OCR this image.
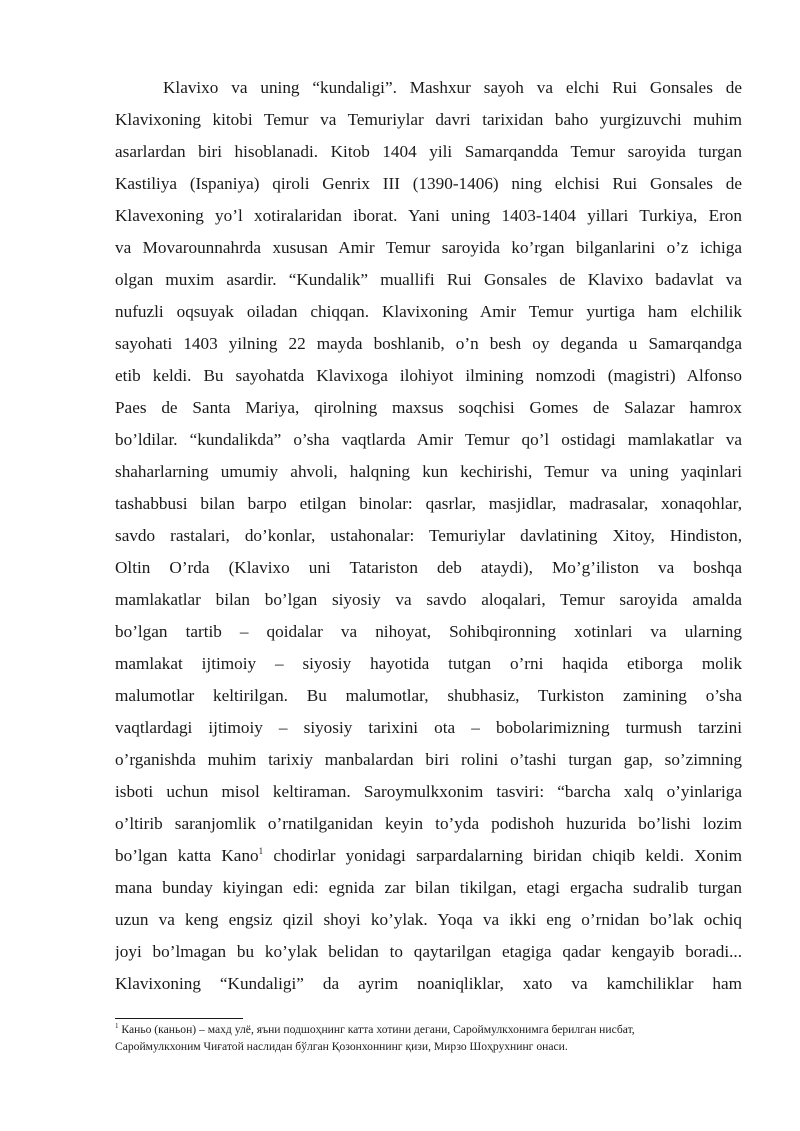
Klavixo va uning “kundaligi”. Mashxur sayoh va elchi Rui Gonsales de
Klavixoning kitobi Temur va Temuriylar davri tarixidan baho yurgizuvchi muhim
asarlardan biri hisoblanadi. Kitob 1404 yili Samarqandda Temur saroyida turgan
Kastiliya (Ispaniya) qiroli Genrix III (1390-1406) ning elchisi Rui Gonsales de
Klavexoning yo’l xotiralaridan iborat. Yani uning 1403-1404 yillari Turkiya, Eron
va Movarounnahrda xususan Amir Temur saroyida ko’rgan bilganlarini o’z ichiga
olgan muxim asardir. “Kundalik” muallifi Rui Gonsales de Klavixo badavlat va
nufuzli oqsuyak oiladan chiqqan. Klavixoning Amir Temur yurtiga ham elchilik
sayohati 1403 yilning 22 mayda boshlanib, o’n besh oy deganda u Samarqandga
etib keldi. Bu sayohatda Klavixoga ilohiyot ilmining nomzodi (magistri) Alfonso
Paes de Santa Mariya, qirolning maxsus soqchisi Gomes de Salazar hamrox
bo’ldilar. “kundalikda” o’sha vaqtlarda Amir Temur qo’l ostidagi mamlakatlar va
shaharlarning umumiy ahvoli, halqning kun kechirishi, Temur va uning yaqinlari
tashabbusi bilan barpo etilgan binolar: qasrlar, masjidlar, madrasalar, xonaqohlar,
savdo rastalari, do’konlar, ustahonalar: Temuriylar davlatining Xitoy, Hindiston,
Oltin O’rda (Klavixo uni Tatariston deb ataydi), Mo’g’iliston va boshqa
mamlakatlar bilan bo’lgan siyosiy va savdo aloqalari, Temur saroyida amalda
bo’lgan tartib – qoidalar va nihoyat, Sohibqironning xotinlari va ularning
mamlakat ijtimoiy – siyosiy hayotida tutgan o’rni haqida etiborga molik
malumotlar keltirilgan. Bu malumotlar, shubhasiz, Turkiston zamining o’sha
vaqtlardagi ijtimoiy – siyosiy tarixini ota – bobolarimizning turmush tarzini
o’rganishda muhim tarixiy manbalardan biri rolini o’tashi turgan gap, so’zimning
isboti uchun misol keltiraman. Saroymulkxonim tasviri: “barcha xalq o’yinlariga
o’ltirib saranjomlik o’rnatilganidan keyin to’yda podishoh huzurida bo’lishi lozim
bo’lgan katta Kano$^1$ chodirlar yonidagi sarpardalarning biridan chiqib keldi. Xonim
mana bunday kiyingan edi: egnida zar bilan tikilgan, etagi ergacha sudralib turgan
uzun va keng engsiz qizil shoyi ko’ylak. Yoqa va ikki eng o’rnidan bo’lak ochiq
joyi bo’lmagan bu ko’ylak belidan to qaytarilgan etagiga qadar kengayib boradi...
Klavixoning “Kundaligi” da ayrim noaniqliklar, xato va kamchiliklar ham
$^1$ Каньо (каньон) – махд улё, яъни подшоҳнинг катта хотини дегани, Сароймулкхонимга берилган нисбат,
Сароймулкхоним Чиғатой наслидан бўлган Қозонхоннинг қизи, Мирзо Шоҳрухнинг онаси.
